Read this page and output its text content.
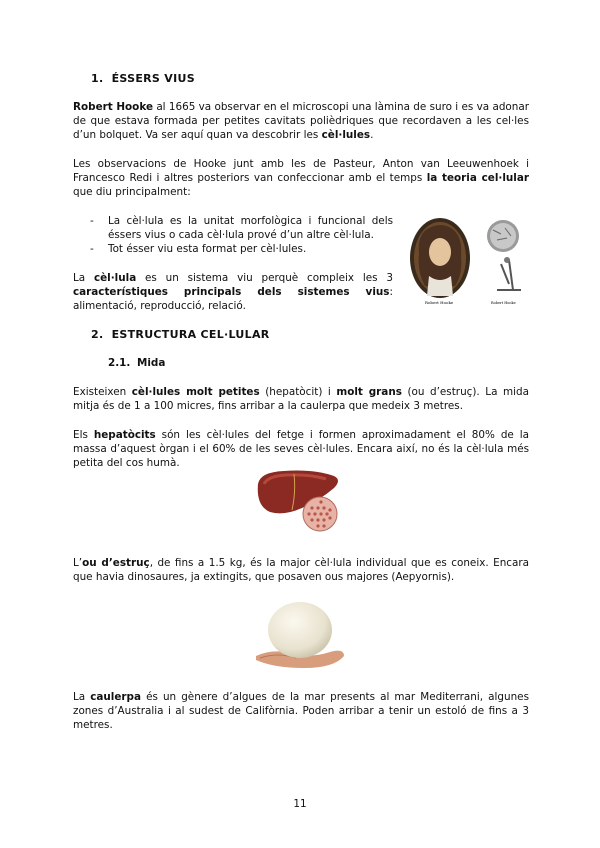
1. ÉSSERS VIUS

Robert Hooke al 1665 va observar en el microscopi una làmina de suro i es va adonar de que estava formada per petites cavitats polièdriques que recordaven a les cel·les d’un bolquet. Va ser aquí quan va descobrir les cèl·lules.

Les observacions de Hooke junt amb les de Pasteur, Anton van Leeuwenhoek i Francesco Redi i altres posteriors van confeccionar amb el temps la teoria cel·lular que diu principalment:

- La cèl·lula es la unitat morfològica i funcional dels éssers vius o cada cèl·lula prové d’un altre cèl·lula.
- Tot ésser viu esta format per cèl·lules.
Robert Hooke	Robert Hooke

La cèl·lula es un sistema viu perquè compleix les 3 característiques principals dels sistemes vius: alimentació, reproducció, relació.

2. ESTRUCTURA CEL·LULAR
2.1. Mida

Existeixen cèl·lules molt petites (hepatòcit) i molt grans (ou d’estruç). La mida mitja és de 1 a 100 micres, fins arribar a la caulerpa que medeix 3 metres.

Els hepatòcits són les cèl·lules del fetge i formen aproximadament el 80% de la massa d’aquest òrgan i el 60% de les seves cèl·lules. Encara així, no és la cèl·lula més petita del cos humà.

L’ou d’estruç, de fins a 1.5 kg, és la major cèl·lula individual que es coneix. Encara que havia dinosaures, ja extingits, que posaven ous majores (Aepyornis).

La caulerpa és un gènere d’algues de la mar presents al mar Mediterrani, algunes zones d’Australia i al sudest de Califòrnia. Poden arribar a tenir un estoló de fins a 3 metres.

11
